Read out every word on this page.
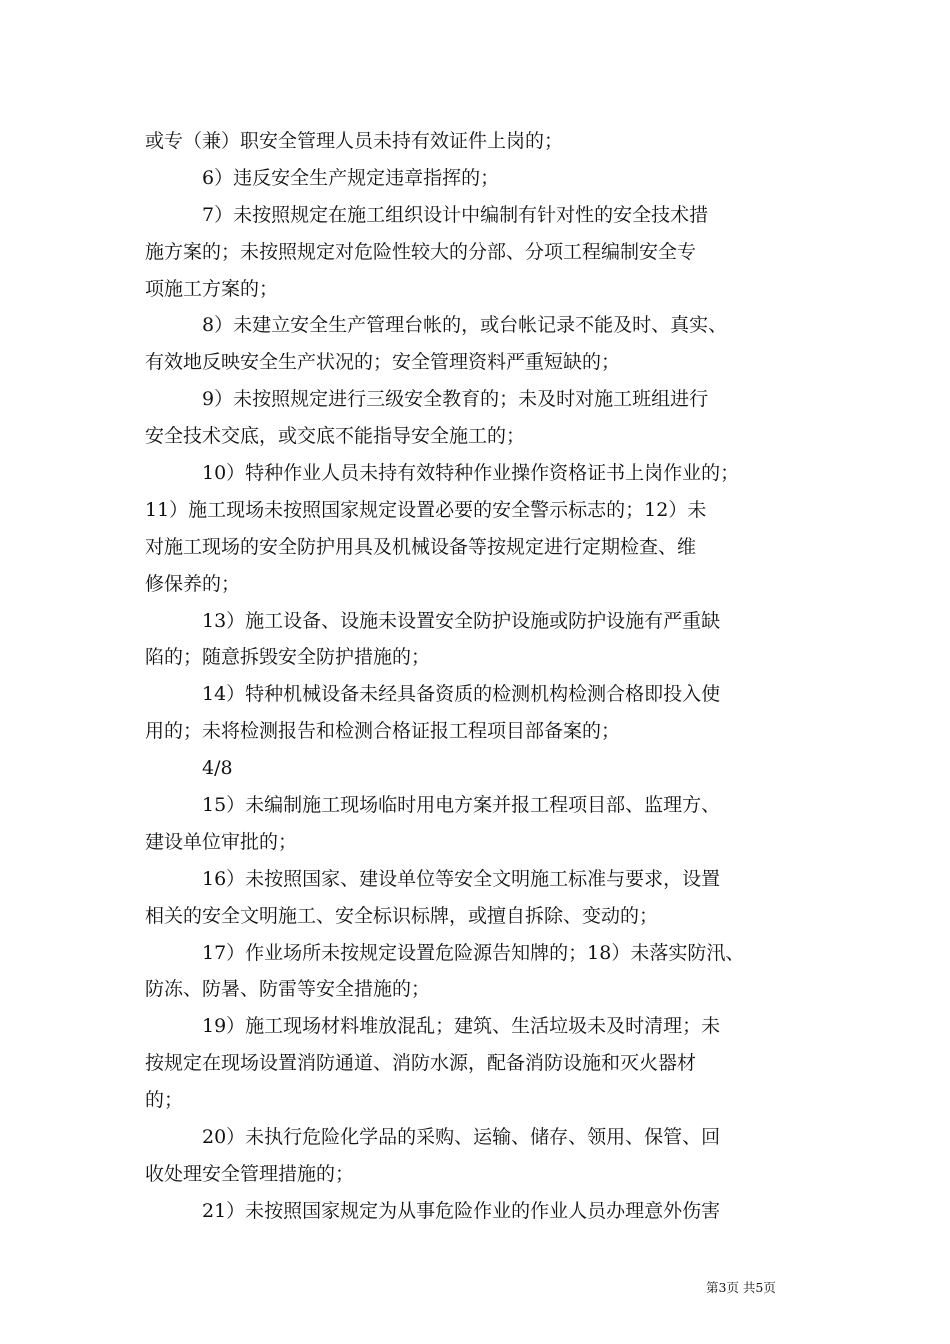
或专（兼）职安全管理人员未持有效证件上岗的；
6）违反安全生产规定违章指挥的；
7）未按照规定在施工组织设计中编制有针对性的安全技术措
施方案的；未按照规定对危险性较大的分部、分项工程编制安全专
项施工方案的；
8）未建立安全生产管理台帐的，或台帐记录不能及时、真实、
有效地反映安全生产状况的；安全管理资料严重短缺的；
9）未按照规定进行三级安全教育的；未及时对施工班组进行
安全技术交底，或交底不能指导安全施工的；
10）特种作业人员未持有效特种作业操作资格证书上岗作业的；
11）施工现场未按照国家规定设置必要的安全警示标志的；12）未
对施工现场的安全防护用具及机械设备等按规定进行定期检查、维
修保养的；
13）施工设备、设施未设置安全防护设施或防护设施有严重缺
陷的；随意拆毁安全防护措施的；
14）特种机械设备未经具备资质的检测机构检测合格即投入使
用的；未将检测报告和检测合格证报工程项目部备案的；
4/8
15）未编制施工现场临时用电方案并报工程项目部、监理方、
建设单位审批的；
16）未按照国家、建设单位等安全文明施工标准与要求，设置
相关的安全文明施工、安全标识标牌，或擅自拆除、变动的；
17）作业场所未按规定设置危险源告知牌的；18）未落实防汛、
防冻、防暑、防雷等安全措施的；
19）施工现场材料堆放混乱；建筑、生活垃圾未及时清理；未
按规定在现场设置消防通道、消防水源，配备消防设施和灭火器材
的；
20）未执行危险化学品的采购、运输、储存、领用、保管、回
收处理安全管理措施的；
21）未按照国家规定为从事危险作业的作业人员办理意外伤害
第3页 共5页
